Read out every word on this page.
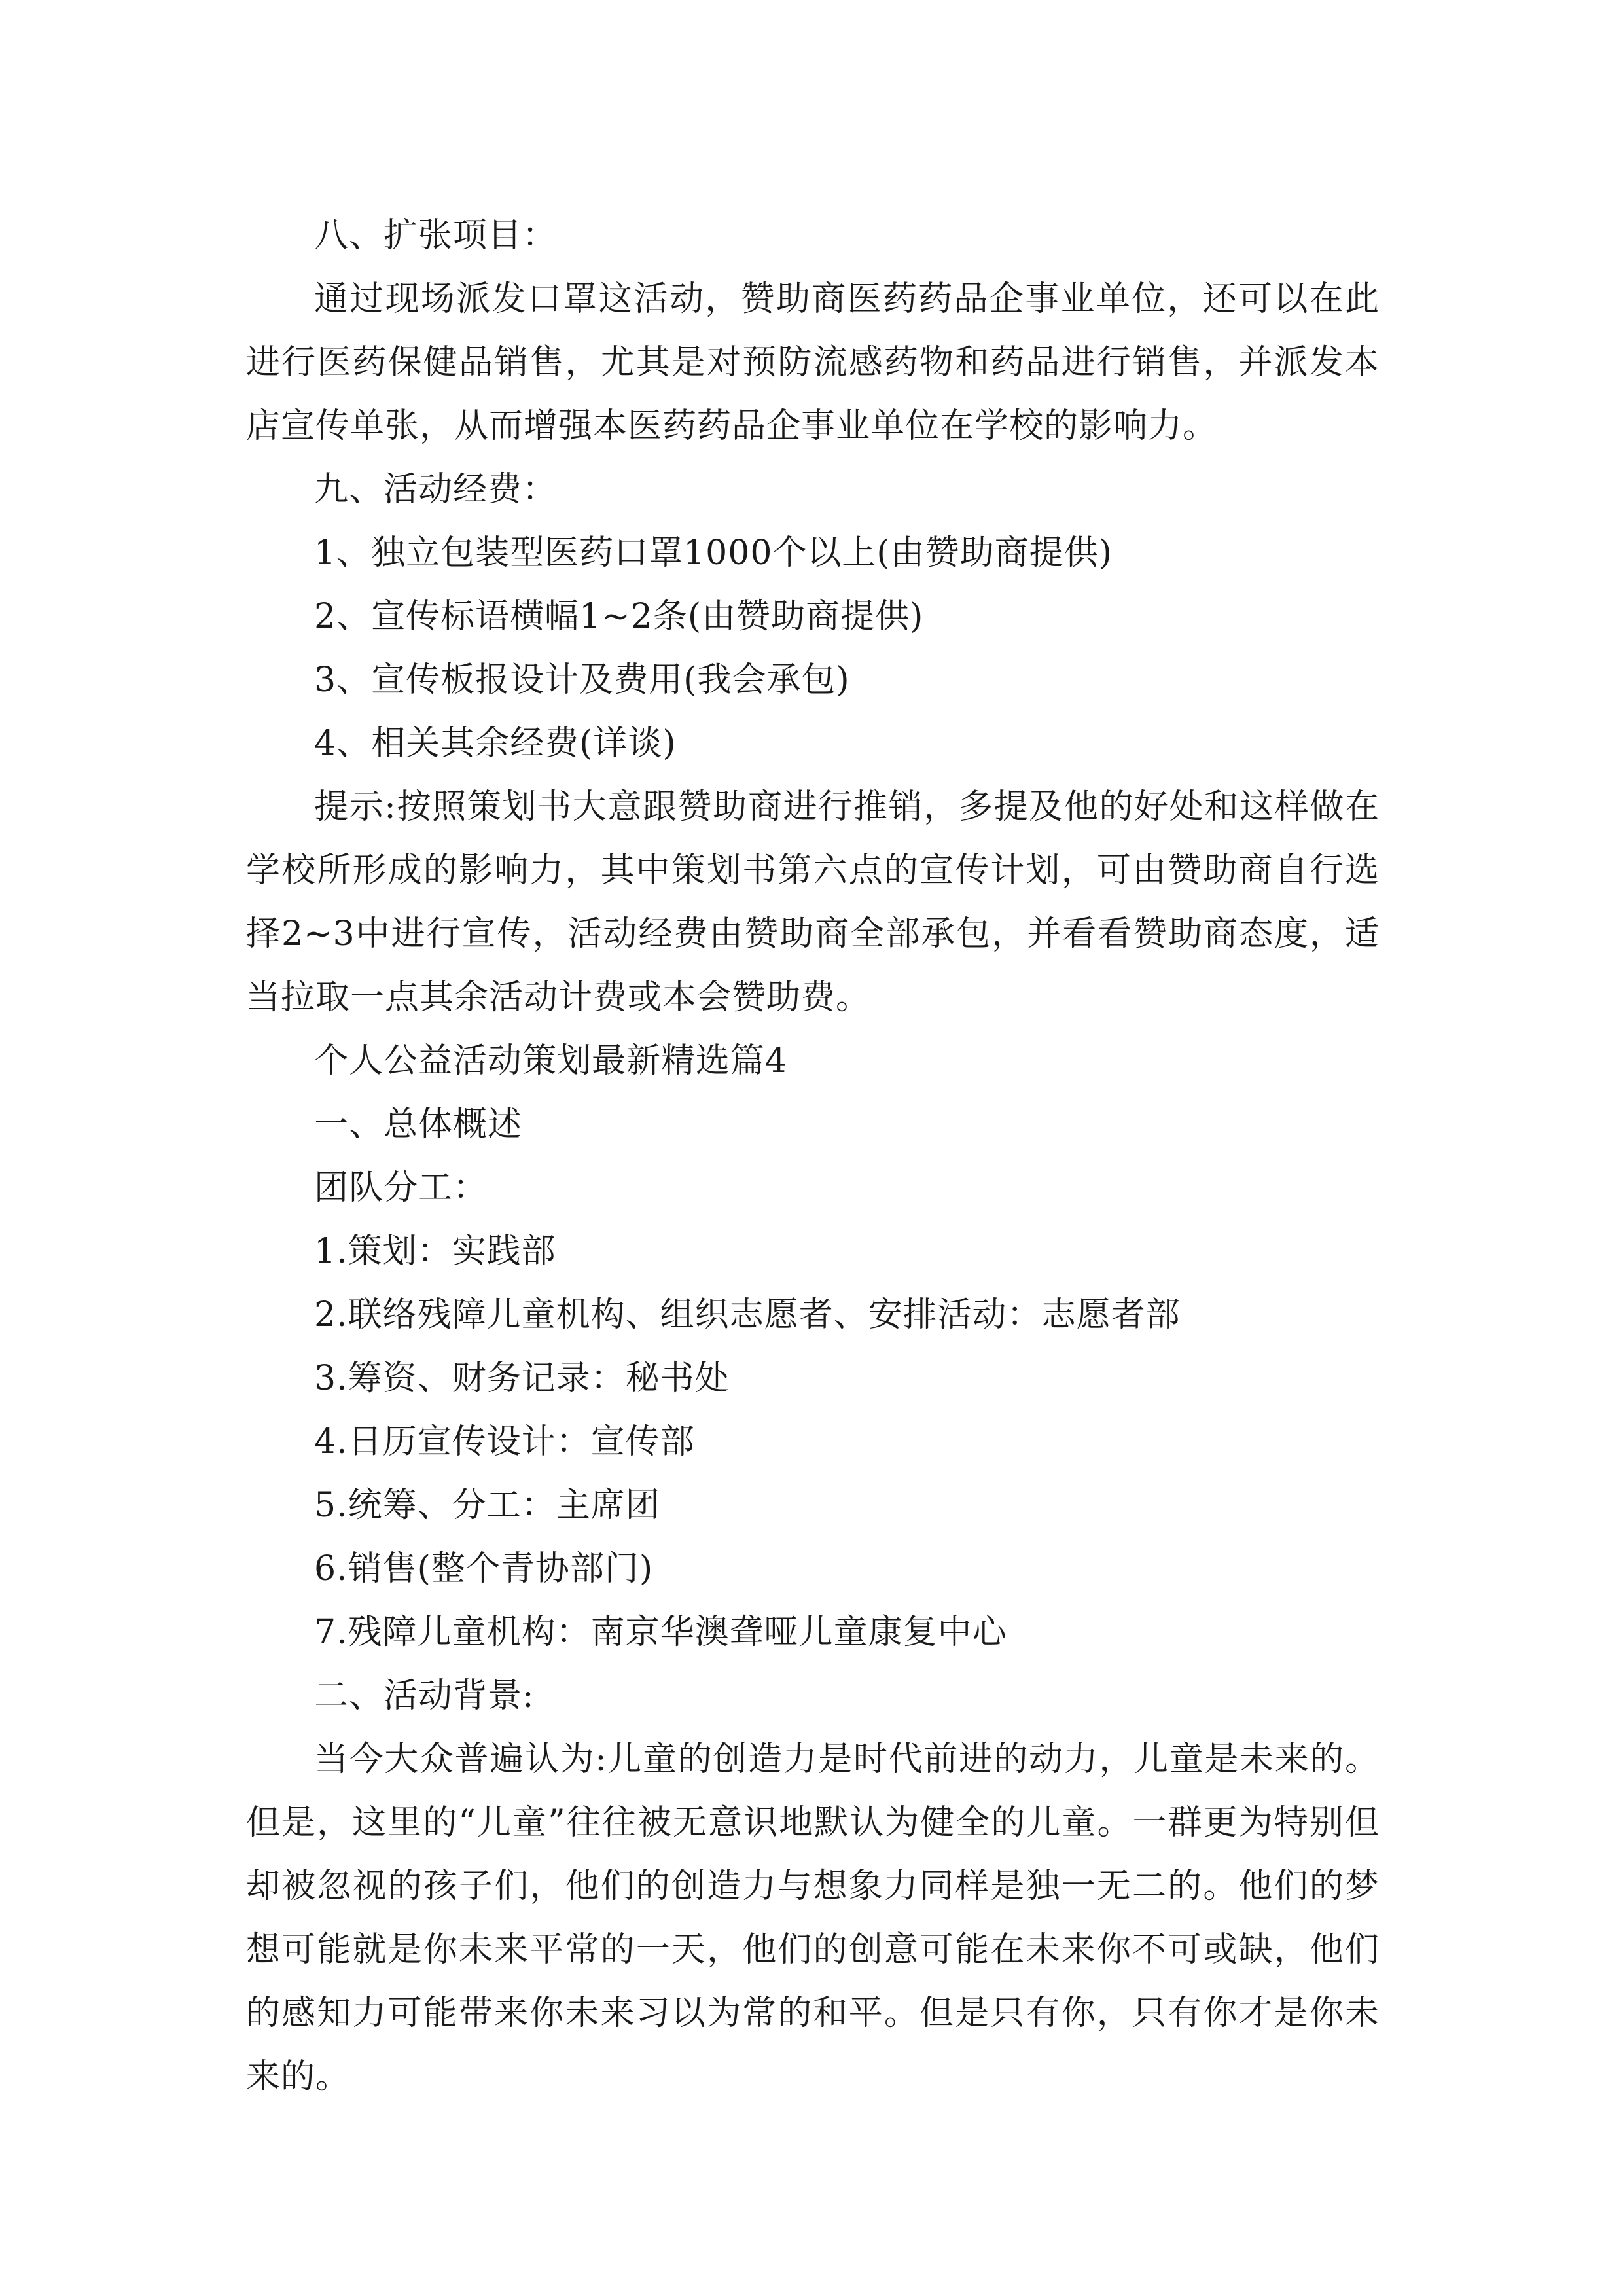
八、扩张项目：

通过现场派发口罩这活动，赞助商医药药品企事业单位，还可以在此进行医药保健品销售，尤其是对预防流感药物和药品进行销售，并派发本店宣传单张，从而增强本医药药品企事业单位在学校的影响力。

九、活动经费：

1、独立包装型医药口罩1000个以上(由赞助商提供)

2、宣传标语横幅1~2条(由赞助商提供)

3、宣传板报设计及费用(我会承包)

4、相关其余经费(详谈)

提示:按照策划书大意跟赞助商进行推销，多提及他的好处和这样做在学校所形成的影响力，其中策划书第六点的宣传计划，可由赞助商自行选择2~3中进行宣传，活动经费由赞助商全部承包，并看看赞助商态度，适当拉取一点其余活动计费或本会赞助费。

个人公益活动策划最新精选篇4

一、总体概述

团队分工：

1.策划：实践部

2.联络残障儿童机构、组织志愿者、安排活动：志愿者部

3.筹资、财务记录：秘书处

4.日历宣传设计：宣传部

5.统筹、分工：主席团

6.销售(整个青协部门)

7.残障儿童机构：南京华澳聋哑儿童康复中心

二、活动背景:

当今大众普遍认为:儿童的创造力是时代前进的动力，儿童是未来的。但是，这里的“儿童”往往被无意识地默认为健全的儿童。一群更为特别但却被忽视的孩子们，他们的创造力与想象力同样是独一无二的。他们的梦想可能就是你未来平常的一天，他们的创意可能在未来你不可或缺，他们的感知力可能带来你未来习以为常的和平。但是只有你，只有你才是你未来的。
